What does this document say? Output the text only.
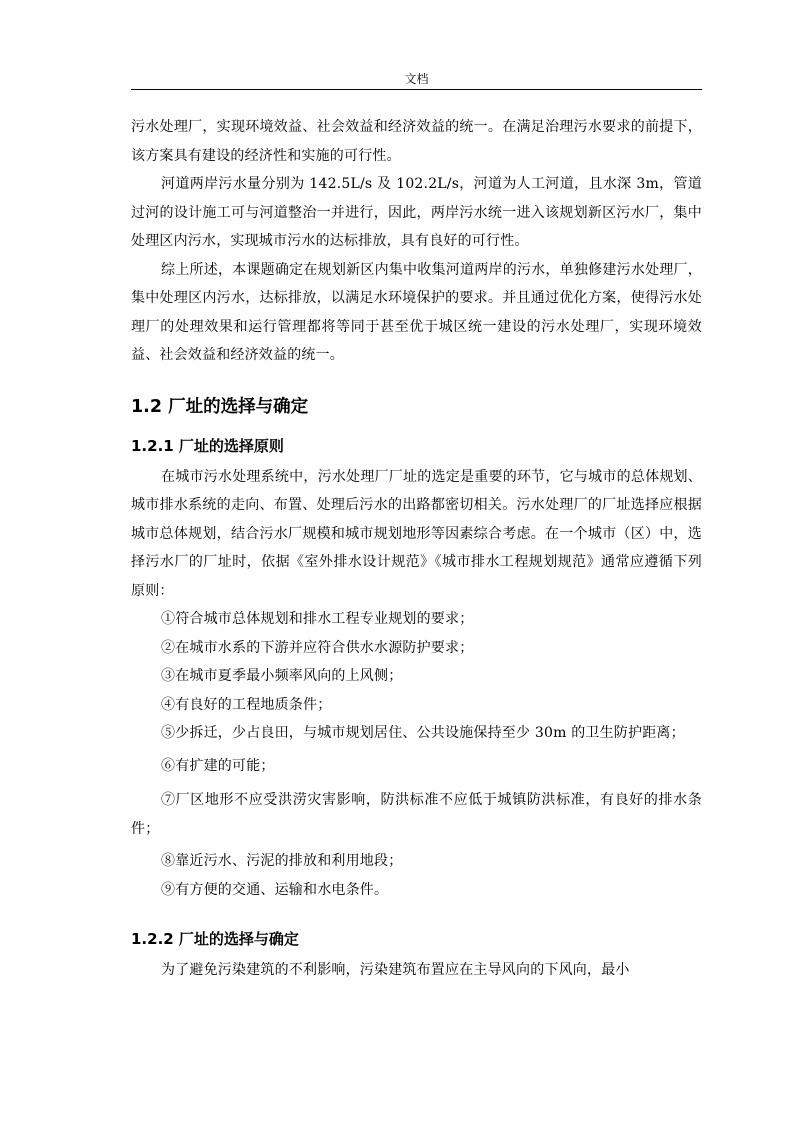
文档

污水处理厂，实现环境效益、社会效益和经济效益的统一。在满足治理污水要求的前提下，该方案具有建设的经济性和实施的可行性。

河道两岸污水量分别为 142.5L/s 及 102.2L/s，河道为人工河道，且水深 3m，管道过河的设计施工可与河道整治一并进行，因此，两岸污水统一进入该规划新区污水厂，集中处理区内污水，实现城市污水的达标排放，具有良好的可行性。

综上所述，本课题确定在规划新区内集中收集河道两岸的污水，单独修建污水处理厂，集中处理区内污水，达标排放，以满足水环境保护的要求。并且通过优化方案，使得污水处理厂的处理效果和运行管理都将等同于甚至优于城区统一建设的污水处理厂，实现环境效益、社会效益和经济效益的统一。

1.2 厂址的选择与确定
1.2.1 厂址的选择原则

在城市污水处理系统中，污水处理厂厂址的选定是重要的环节，它与城市的总体规划、城市排水系统的走向、布置、处理后污水的出路都密切相关。污水处理厂的厂址选择应根据城市总体规划，结合污水厂规模和城市规划地形等因素综合考虑。在一个城市（区）中，选择污水厂的厂址时，依据《室外排水设计规范》《城市排水工程规划规范》通常应遵循下列原则：

①符合城市总体规划和排水工程专业规划的要求；

②在城市水系的下游并应符合供水水源防护要求；

③在城市夏季最小频率风向的上风侧；

④有良好的工程地质条件；

⑤少拆迁，少占良田，与城市规划居住、公共设施保持至少 30m 的卫生防护距离；

⑥有扩建的可能；

⑦厂区地形不应受洪涝灾害影响，防洪标准不应低于城镇防洪标准，有良好的排水条件；

⑧靠近污水、污泥的排放和利用地段；

⑨有方便的交通、运输和水电条件。

1.2.2 厂址的选择与确定

为了避免污染建筑的不利影响，污染建筑布置应在主导风向的下风向，最小
